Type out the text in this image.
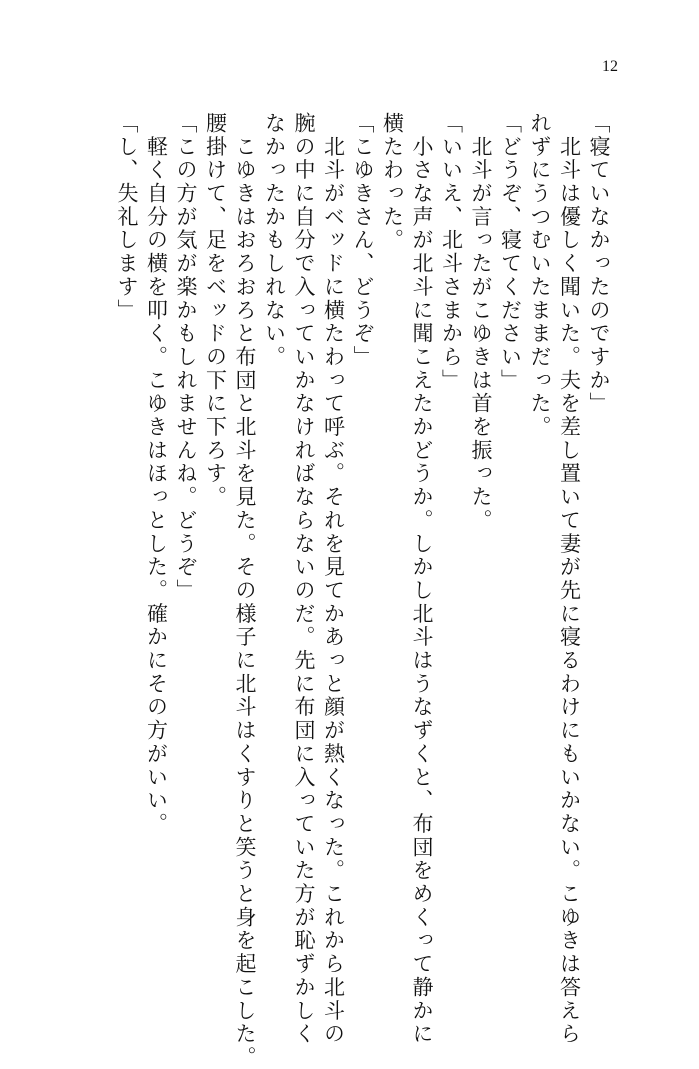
12
「寝ていなかったのですか」
　北斗は優しく聞いた。夫を差し置いて妻が先に寝るわけにもいかない。こゆきは答えら
れずにうつむいたままだった。
「どうぞ、寝てください」
　北斗が言ったがこゆきは首を振った。
「いいえ、北斗さまから」
　小さな声が北斗に聞こえたかどうか。しかし北斗はうなずくと、布団をめくって静かに
横たわった。
「こゆきさん、どうぞ」
　北斗がベッドに横たわって呼ぶ。それを見てかあっと顔が熱くなった。これから北斗の
腕の中に自分で入っていかなければならないのだ。先に布団に入っていた方が恥ずかしく
なかったかもしれない。
　こゆきはおろおろと布団と北斗を見た。その様子に北斗はくすりと笑うと身を起こした。
腰掛けて、足をベッドの下に下ろす。
「この方が気が楽かもしれませんね。どうぞ」
　軽く自分の横を叩く。こゆきはほっとした。確かにその方がいい。
「し、失礼します」
